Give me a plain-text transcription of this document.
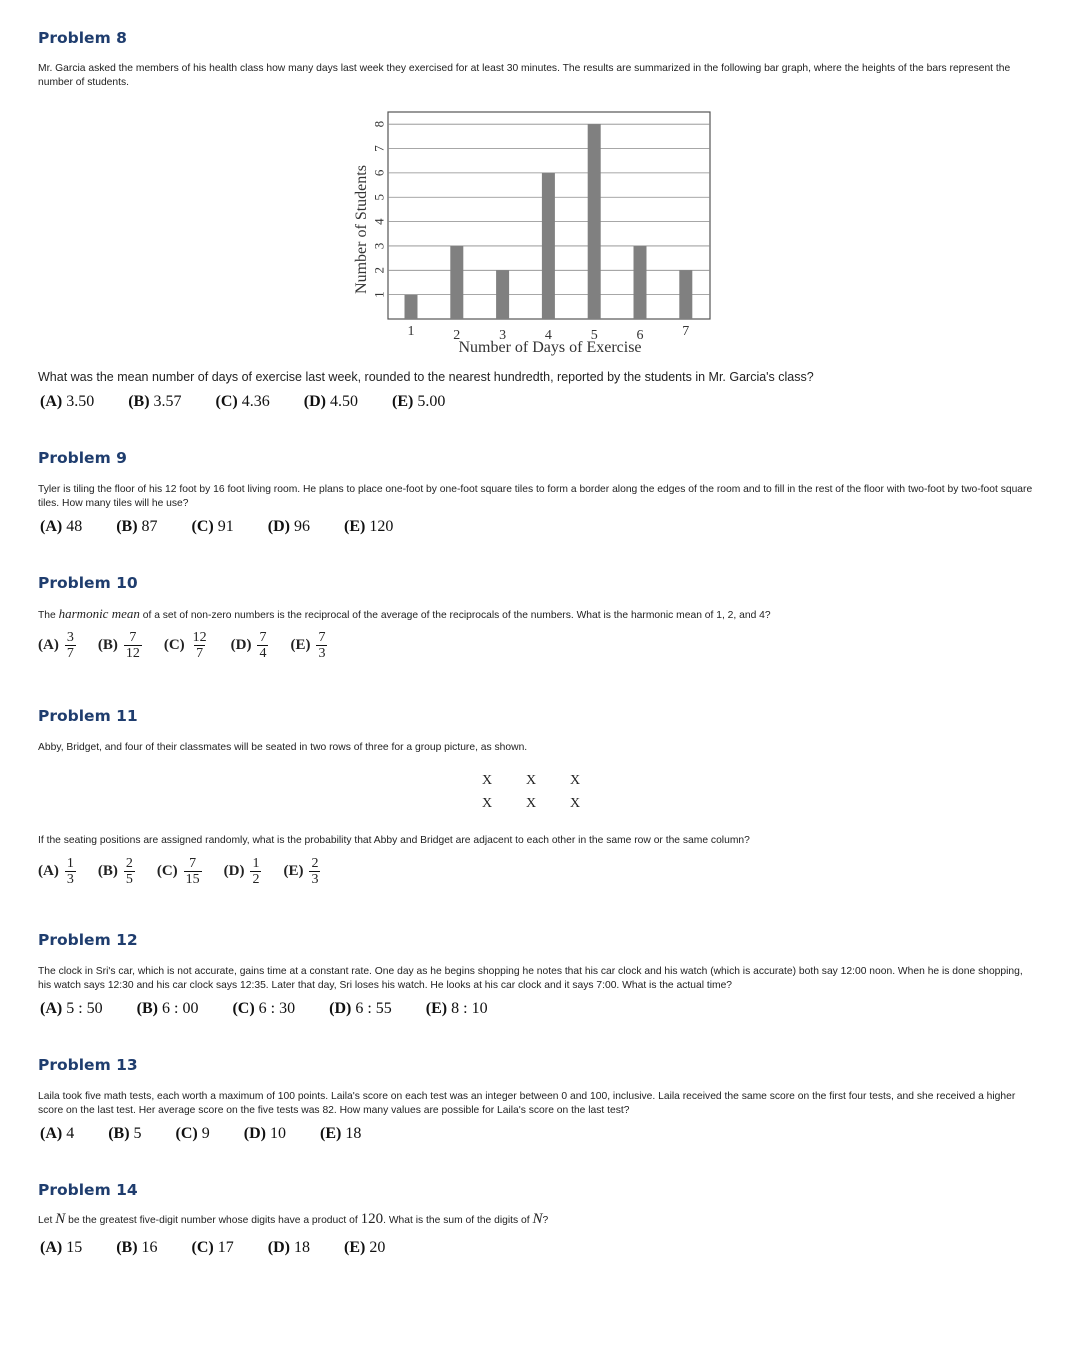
Problem 8
Mr. Garcia asked the members of his health class how many days last week they exercised for at least 30 minutes. The results are summarized in the following bar graph, where the heights of the bars represent the number of students.
1
2
3
4
5
6
7
8
1	2	3	4	5	6	7
Number of Days of Exercise
Number of Students
What was the mean number of days of exercise last week, rounded to the nearest hundredth, reported by the students in Mr. Garcia's class?
(A) 3.50 (B) 3.57 (C) 4.36 (D) 4.50 (E) 5.00
Problem 9
Tyler is tiling the floor of his 12 foot by 16 foot living room. He plans to place one-foot by one-foot square tiles to form a border along the edges of the room and to fill in the rest of the floor with two-foot by two-foot square tiles. How many tiles will he use?
(A) 48 (B) 87 (C) 91 (D) 96 (E) 120
Problem 10
The harmonic mean of a set of non-zero numbers is the reciprocal of the average of the reciprocals of the numbers. What is the harmonic mean of 1, 2, and 4?
$(A) \frac{3}{7} (B) \frac{7}{12} (C) \frac{12}{7} (D) \frac{7}{4} (E) \frac{7}{3}$
Problem 11
Abby, Bridget, and four of their classmates will be seated in two rows of three for a group picture, as shown.
X X X
X X X
If the seating positions are assigned randomly, what is the probability that Abby and Bridget are adjacent to each other in the same row or the same column?
$(A) \frac{1}{3} (B) \frac{2}{5} (C) \frac{7}{15} (D) \frac{1}{2} (E) \frac{2}{3}$
Problem 12
The clock in Sri's car, which is not accurate, gains time at a constant rate. One day as he begins shopping he notes that his car clock and his watch (which is accurate) both say 12:00 noon. When he is done shopping, his watch says 12:30 and his car clock says 12:35. Later that day, Sri loses his watch. He looks at his car clock and it says 7:00. What is the actual time?
(A) 5 : 50 (B) 6 : 00 (C) 6 : 30 (D) 6 : 55 (E) 8 : 10
Problem 13
Laila took five math tests, each worth a maximum of 100 points. Laila's score on each test was an integer between 0 and 100, inclusive. Laila received the same score on the first four tests, and she received a higher score on the last test. Her average score on the five tests was 82. How many values are possible for Laila's score on the last test?
(A) 4 (B) 5 (C) 9 (D) 10 (E) 18
Problem 14
Let N be the greatest five-digit number whose digits have a product of 120. What is the sum of the digits of N?
(A) 15 (B) 16 (C) 17 (D) 18 (E) 20
